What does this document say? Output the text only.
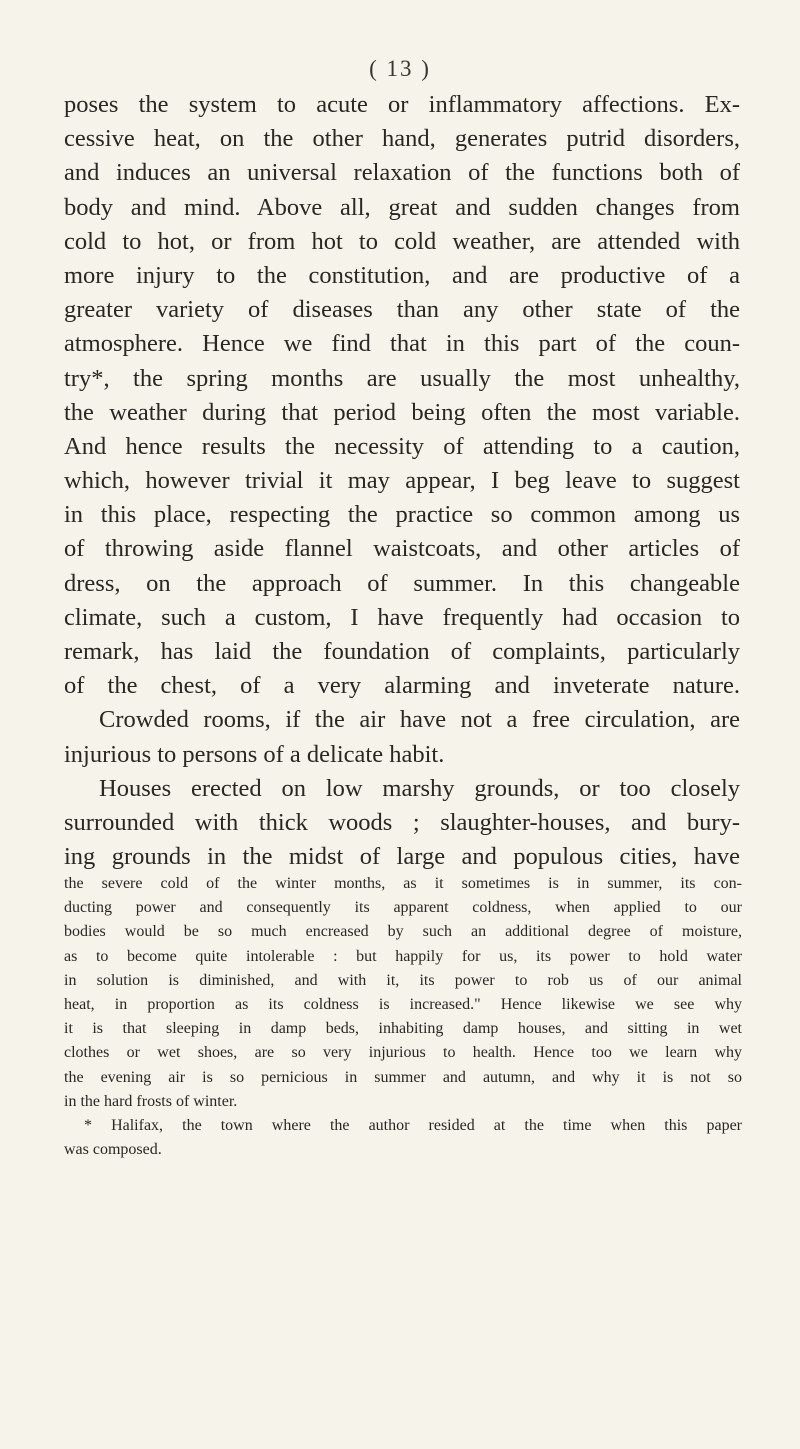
( 13 )
poses the system to acute or inflammatory affections. Ex-
cessive heat, on the other hand, generates putrid disorders,
and induces an universal relaxation of the functions both of
body and mind. Above all, great and sudden changes from
cold to hot, or from hot to cold weather, are attended with
more injury to the constitution, and are productive of a
greater variety of diseases than any other state of the
atmosphere. Hence we find that in this part of the coun-
try*, the spring months are usually the most unhealthy,
the weather during that period being often the most variable.
And hence results the necessity of attending to a caution,
which, however trivial it may appear, I beg leave to suggest
in this place, respecting the practice so common among us
of throwing aside flannel waistcoats, and other articles of
dress, on the approach of summer. In this changeable
climate, such a custom, I have frequently had occasion to
remark, has laid the foundation of complaints, particularly
of the chest, of a very alarming and inveterate nature.
Crowded rooms, if the air have not a free circulation, are
injurious to persons of a delicate habit.
Houses erected on low marshy grounds, or too closely
surrounded with thick woods ; slaughter-houses, and bury-
ing grounds in the midst of large and populous cities, have
the severe cold of the winter months, as it sometimes is in summer, its con-
ducting power and consequently its apparent coldness, when applied to our
bodies would be so much encreased by such an additional degree of moisture,
as to become quite intolerable : but happily for us, its power to hold water
in solution is diminished, and with it, its power to rob us of our animal
heat, in proportion as its coldness is increased." Hence likewise we see why
it is that sleeping in damp beds, inhabiting damp houses, and sitting in wet
clothes or wet shoes, are so very injurious to health. Hence too we learn why
the evening air is so pernicious in summer and autumn, and why it is not so
in the hard frosts of winter.
* Halifax, the town where the author resided at the time when this paper
was composed.
